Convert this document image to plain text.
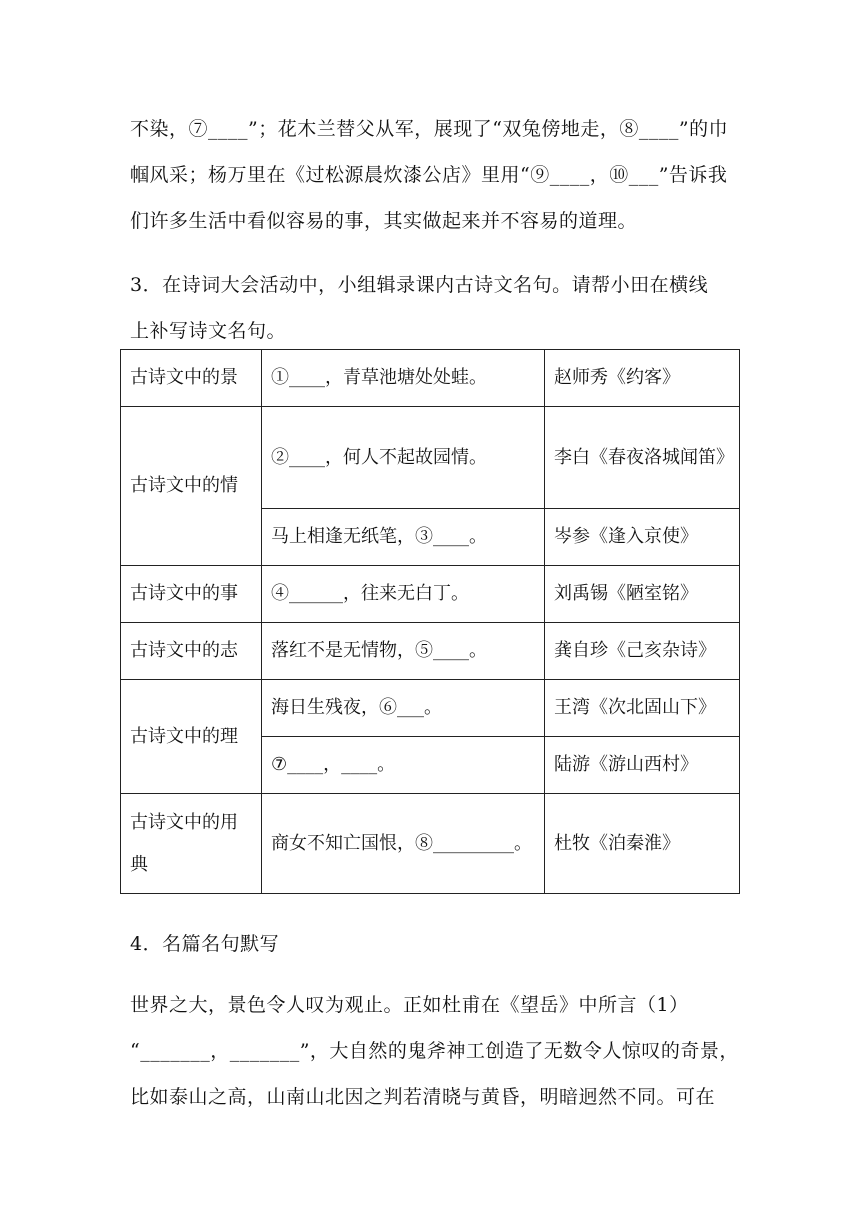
不染，⑦____”；花木兰替父从军，展现了“双兔傍地走，⑧____”的巾
帼风采；杨万里在《过松源晨炊漆公店》里用“⑨____，⑩___”告诉我
们许多生活中看似容易的事，其实做起来并不容易的道理。
3．在诗词大会活动中，小组辑录课内古诗文名句。请帮小田在横线
上补写诗文名句。
古诗文中的景	①____，青草池塘处处蛙。	赵师秀《约客》
古诗文中的情	②____，何人不起故园情。	李白《春夜洛城闻笛》
	马上相逢无纸笔，③____。	岑参《逢入京使》
古诗文中的事	④______，往来无白丁。	刘禹锡《陋室铭》
古诗文中的志	落红不是无情物，⑤____。	龚自珍《己亥杂诗》
古诗文中的理	海日生残夜，⑥___。	王湾《次北固山下》
	⑦____，____。	陆游《游山西村》
古诗文中的用典	商女不知亡国恨，⑧_________。	杜牧《泊秦淮》
4．名篇名句默写
世界之大，景色令人叹为观止。正如杜甫在《望岳》中所言（1）
“_______，_______”，大自然的鬼斧神工创造了无数令人惊叹的奇景，
比如泰山之高，山南山北因之判若清晓与黄昏，明暗迥然不同。可在
